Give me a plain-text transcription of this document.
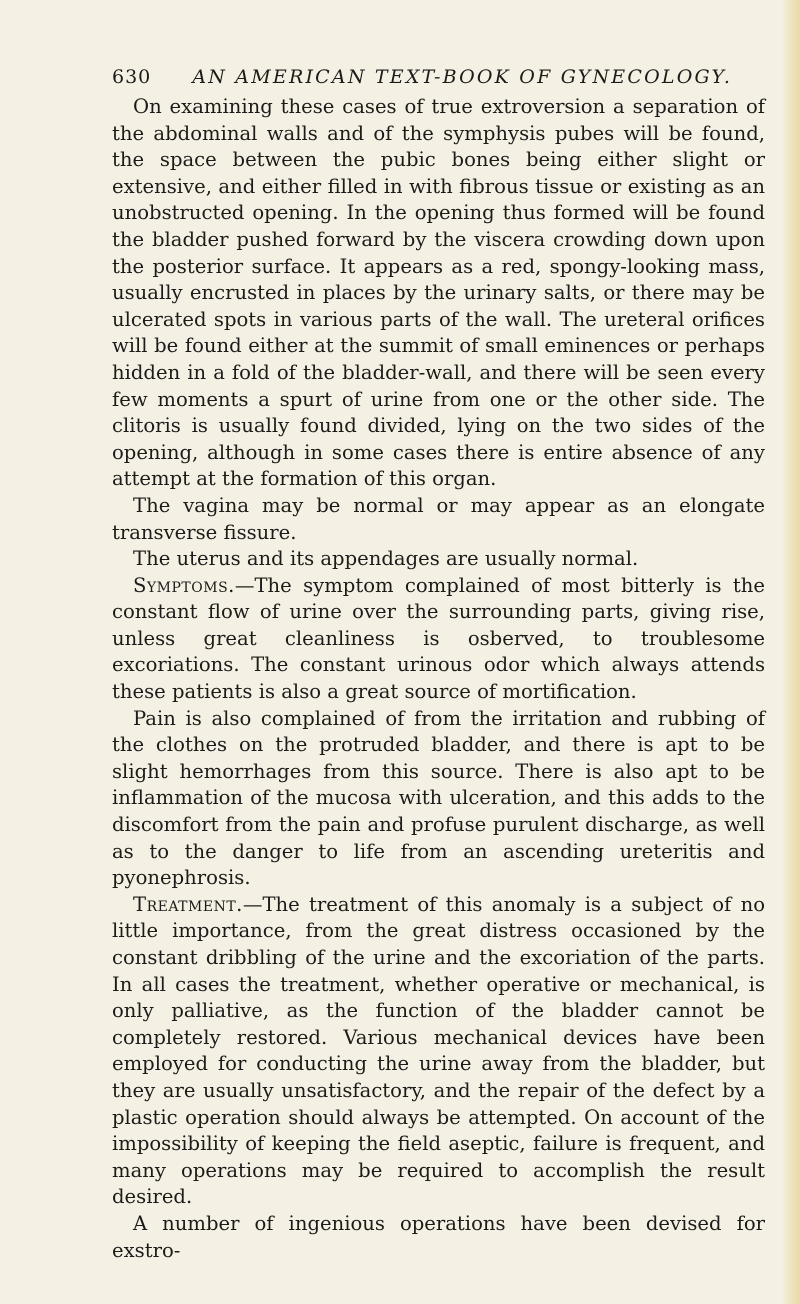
630 AN AMERICAN TEXT-BOOK OF GYNECOLOGY.

On examining these cases of true extroversion a separation of the abdominal walls and of the symphysis pubes will be found, the space between the pubic bones being either slight or extensive, and either filled in with fibrous tissue or existing as an unobstructed opening. In the opening thus formed will be found the bladder pushed forward by the viscera crowding down upon the posterior surface. It appears as a red, spongy-looking mass, usually encrusted in places by the urinary salts, or there may be ulcerated spots in various parts of the wall. The ureteral orifices will be found either at the summit of small eminences or perhaps hidden in a fold of the bladder-wall, and there will be seen every few moments a spurt of urine from one or the other side. The clitoris is usually found divided, lying on the two sides of the opening, although in some cases there is entire absence of any attempt at the formation of this organ.

The vagina may be normal or may appear as an elongate transverse fissure.

The uterus and its appendages are usually normal.

Symptoms.—The symptom complained of most bitterly is the constant flow of urine over the surrounding parts, giving rise, unless great cleanliness is osberved, to troublesome excoriations. The constant urinous odor which always attends these patients is also a great source of mortification.

Pain is also complained of from the irritation and rubbing of the clothes on the protruded bladder, and there is apt to be slight hemorrhages from this source. There is also apt to be inflammation of the mucosa with ulceration, and this adds to the discomfort from the pain and profuse purulent discharge, as well as to the danger to life from an ascending ureteritis and pyonephrosis.

Treatment.—The treatment of this anomaly is a subject of no little importance, from the great distress occasioned by the constant dribbling of the urine and the excoriation of the parts. In all cases the treatment, whether operative or mechanical, is only palliative, as the function of the bladder cannot be completely restored. Various mechanical devices have been employed for conducting the urine away from the bladder, but they are usually unsatisfactory, and the repair of the defect by a plastic operation should always be attempted. On account of the impossibility of keeping the field aseptic, failure is frequent, and many operations may be required to accomplish the result desired.

A number of ingenious operations have been devised for exstro-
